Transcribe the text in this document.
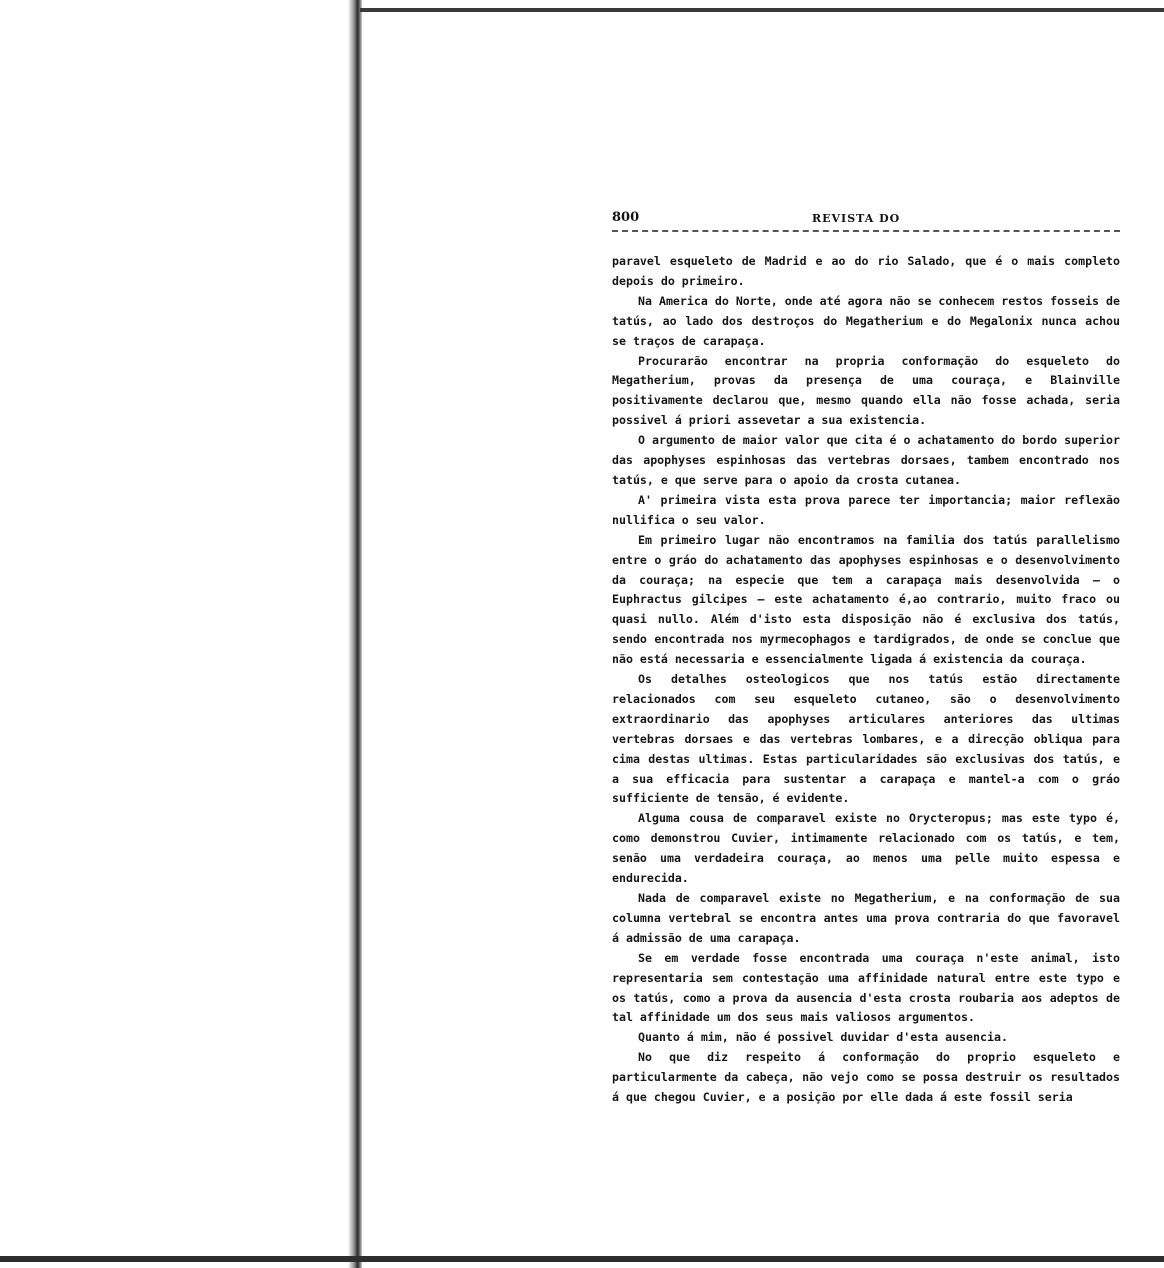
800	REVISTA DO

paravel esqueleto de Madrid e ao do rio Salado, que é o mais completo depois do primeiro.

Na America do Norte, onde até agora não se conhecem restos fosseis de tatús, ao lado dos destroços do Megatherium e do Megalonix nunca achou se traços de carapaça.

Procurarão encontrar na propria conformação do esqueleto do Megatherium, provas da presença de uma couraça, e Blainville positivamente declarou que, mesmo quando ella não fosse achada, seria possivel á priori assevetar a sua existencia.

O argumento de maior valor que cita é o achatamento do bordo superior das apophyses espinhosas das vertebras dorsaes, tambem encontrado nos tatús, e que serve para o apoio da crosta cutanea.

A' primeira vista esta prova parece ter importancia; maior reflexão nullifica o seu valor.

Em primeiro lugar não encontramos na familia dos tatús parallelismo entre o gráo do achatamento das apophyses espinhosas e o desenvolvimento da couraça; na especie que tem a carapaça mais desenvolvida — o Euphractus gilcipes — este achatamento é,ao contrario, muito fraco ou quasi nullo. Além d'isto esta disposição não é exclusiva dos tatús, sendo encontrada nos myrmecophagos e tardigrados, de onde se conclue que não está necessaria e essencialmente ligada á existencia da couraça.

Os detalhes osteologicos que nos tatús estão directamente relacionados com seu esqueleto cutaneo, são o desenvolvimento extraordinario das apophyses articulares anteriores das ultimas vertebras dorsaes e das vertebras lombares, e a direcção obliqua para cima destas ultimas. Estas particularidades são exclusivas dos tatús, e a sua efficacia para sustentar a carapaça e mantel-a com o gráo sufficiente de tensão, é evidente.

Alguma cousa de comparavel existe no Orycteropus; mas este typo é, como demonstrou Cuvier, intimamente relacionado com os tatús, e tem, senão uma verdadeira couraça, ao menos uma pelle muito espessa e endurecida.

Nada de comparavel existe no Megatherium, e na conformação de sua columna vertebral se encontra antes uma prova contraria do que favoravel á admissão de uma carapaça.

Se em verdade fosse encontrada uma couraça n'este animal, isto representaria sem contestação uma affinidade natural entre este typo e os tatús, como a prova da ausencia d'esta crosta roubaria aos adeptos de tal affinidade um dos seus mais valiosos argumentos.

Quanto á mim, não é possivel duvidar d'esta ausencia.

No que diz respeito á conformação do proprio esqueleto e particularmente da cabeça, não vejo como se possa destruir os resultados á que chegou Cuvier, e a posição por elle dada á este fossil seria
